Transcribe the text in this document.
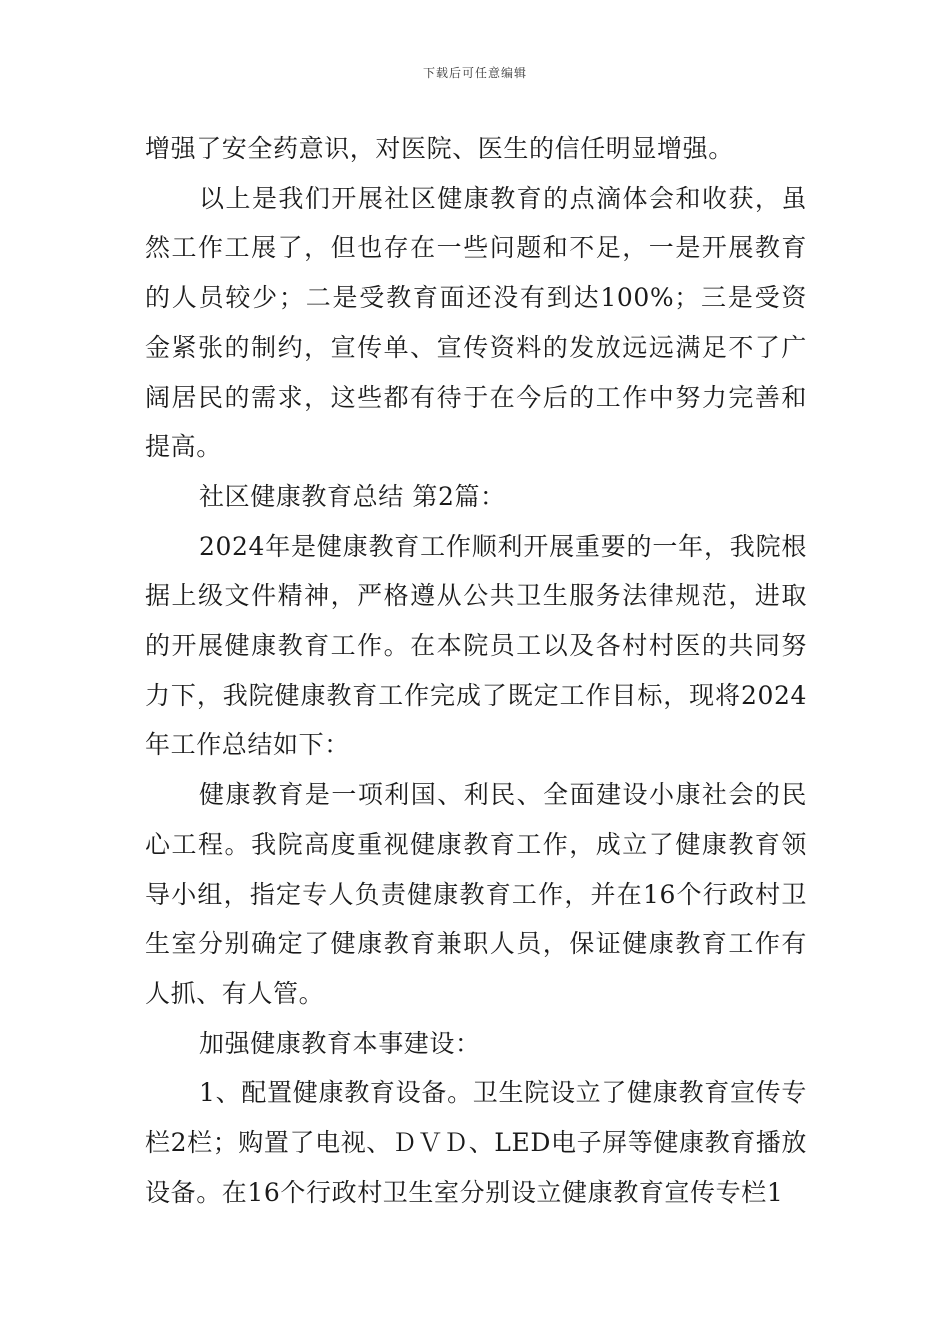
下载后可任意编辑

增强了安全药意识，对医院、医生的信任明显增强。

以上是我们开展社区健康教育的点滴体会和收获，虽然工作工展了，但也存在一些问题和不足，一是开展教育的人员较少；二是受教育面还没有到达100%；三是受资金紧张的制约，宣传单、宣传资料的发放远远满足不了广阔居民的需求，这些都有待于在今后的工作中努力完善和提高。

社区健康教育总结 第2篇：

2024年是健康教育工作顺利开展重要的一年，我院根据上级文件精神，严格遵从公共卫生服务法律规范，进取的开展健康教育工作。在本院员工以及各村村医的共同努力下，我院健康教育工作完成了既定工作目标，现将2024年工作总结如下：

健康教育是一项利国、利民、全面建设小康社会的民心工程。我院高度重视健康教育工作，成立了健康教育领导小组，指定专人负责健康教育工作，并在16个行政村卫生室分别确定了健康教育兼职人员，保证健康教育工作有人抓、有人管。

加强健康教育本事建设：

1、配置健康教育设备。卫生院设立了健康教育宣传专栏2栏；购置了电视、ＤＶＤ、LED电子屏等健康教育播放设备。在16个行政村卫生室分别设立健康教育宣传专栏1
